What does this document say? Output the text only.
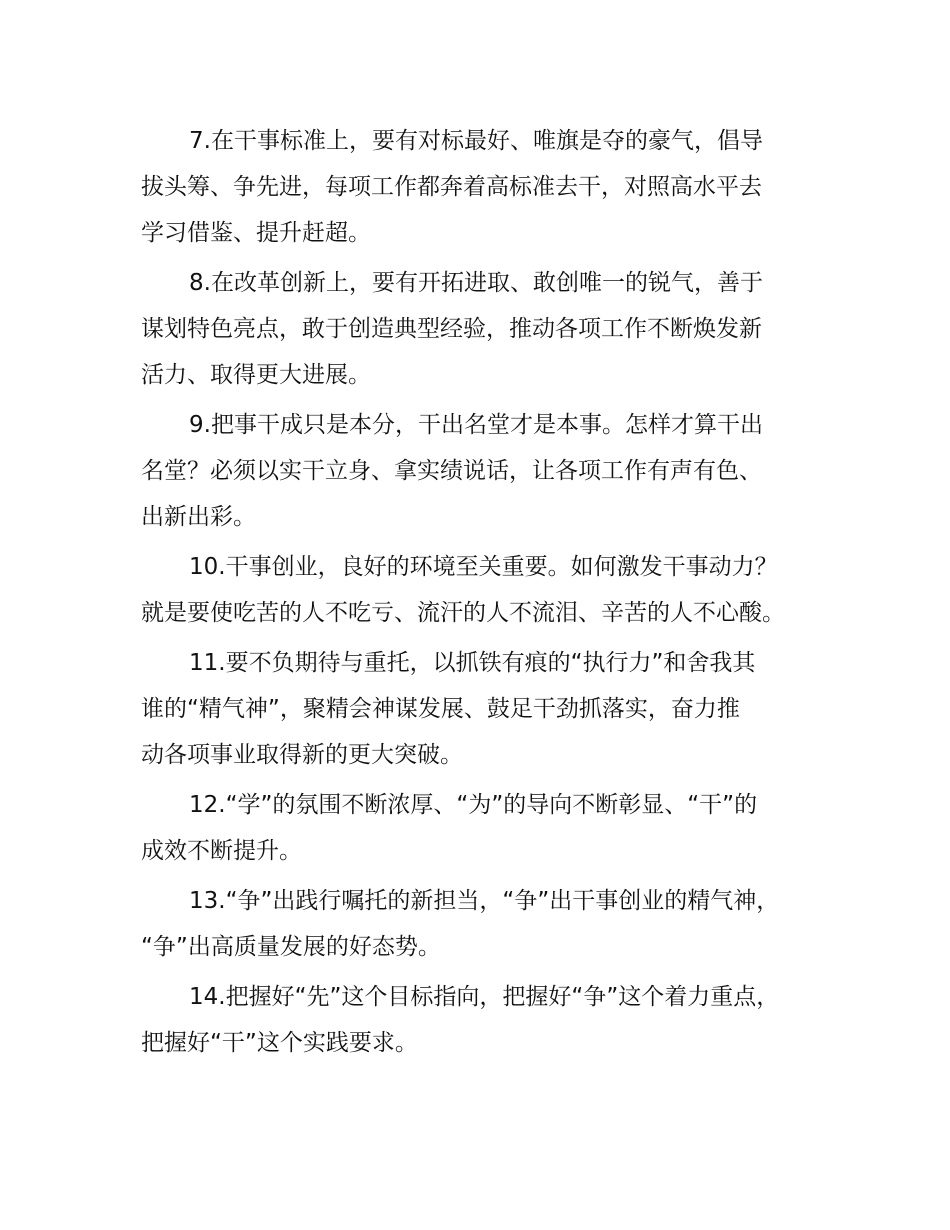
7.在干事标准上，要有对标最好、唯旗是夺的豪气，倡导
拔头筹、争先进，每项工作都奔着高标准去干，对照高水平去
学习借鉴、提升赶超。

8.在改革创新上，要有开拓进取、敢创唯一的锐气，善于
谋划特色亮点，敢于创造典型经验，推动各项工作不断焕发新
活力、取得更大进展。

9.把事干成只是本分，干出名堂才是本事。怎样才算干出
名堂？必须以实干立身、拿实绩说话，让各项工作有声有色、
出新出彩。

10.干事创业，良好的环境至关重要。如何激发干事动力？
就是要使吃苦的人不吃亏、流汗的人不流泪、辛苦的人不心酸。

11.要不负期待与重托，以抓铁有痕的“执行力”和舍我其
谁的“精气神”，聚精会神谋发展、鼓足干劲抓落实，奋力推
动各项事业取得新的更大突破。

12.“学”的氛围不断浓厚、“为”的导向不断彰显、“干”的
成效不断提升。

13.“争”出践行嘱托的新担当，“争”出干事创业的精气神，
“争”出高质量发展的好态势。

14.把握好“先”这个目标指向，把握好“争”这个着力重点，
把握好“干”这个实践要求。
